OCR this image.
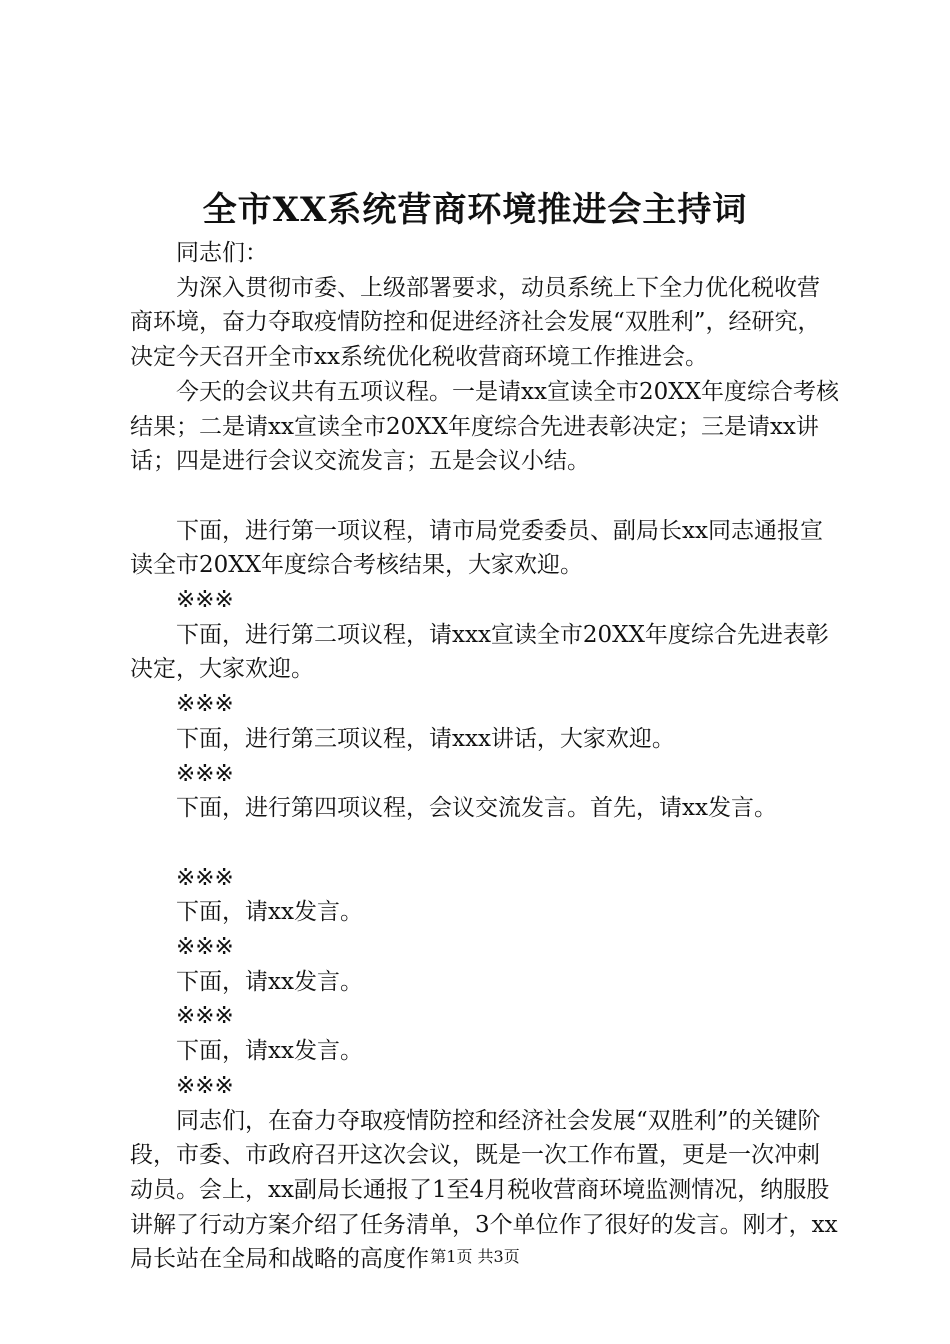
全市XX系统营商环境推进会主持词

同志们：

为深入贯彻市委、上级部署要求，动员系统上下全力优化税收营商环境，奋力夺取疫情防控和促进经济社会发展“双胜利”，经研究，决定今天召开全市xx系统优化税收营商环境工作推进会。

今天的会议共有五项议程。一是请xx宣读全市20XX年度综合考核结果；二是请xx宣读全市20XX年度综合先进表彰决定；三是请xx讲话；四是进行会议交流发言；五是会议小结。

下面，进行第一项议程，请市局党委委员、副局长xx同志通报宣读全市20XX年度综合考核结果，大家欢迎。

※※※

下面，进行第二项议程，请xxx宣读全市20XX年度综合先进表彰决定，大家欢迎。

※※※

下面，进行第三项议程，请xxx讲话，大家欢迎。

※※※

下面，进行第四项议程，会议交流发言。首先，请xx发言。

※※※

下面，请xx发言。

※※※

下面，请xx发言。

※※※

下面，请xx发言。

※※※

同志们，在奋力夺取疫情防控和经济社会发展“双胜利”的关键阶段，市委、市政府召开这次会议，既是一次工作布置，更是一次冲刺动员。会上，xx副局长通报了1至4月税收营商环境监测情况，纳服股讲解了行动方案介绍了任务清单，3个单位作了很好的发言。刚才，xx局长站在全局和战略的高度作 第1页 共3页
